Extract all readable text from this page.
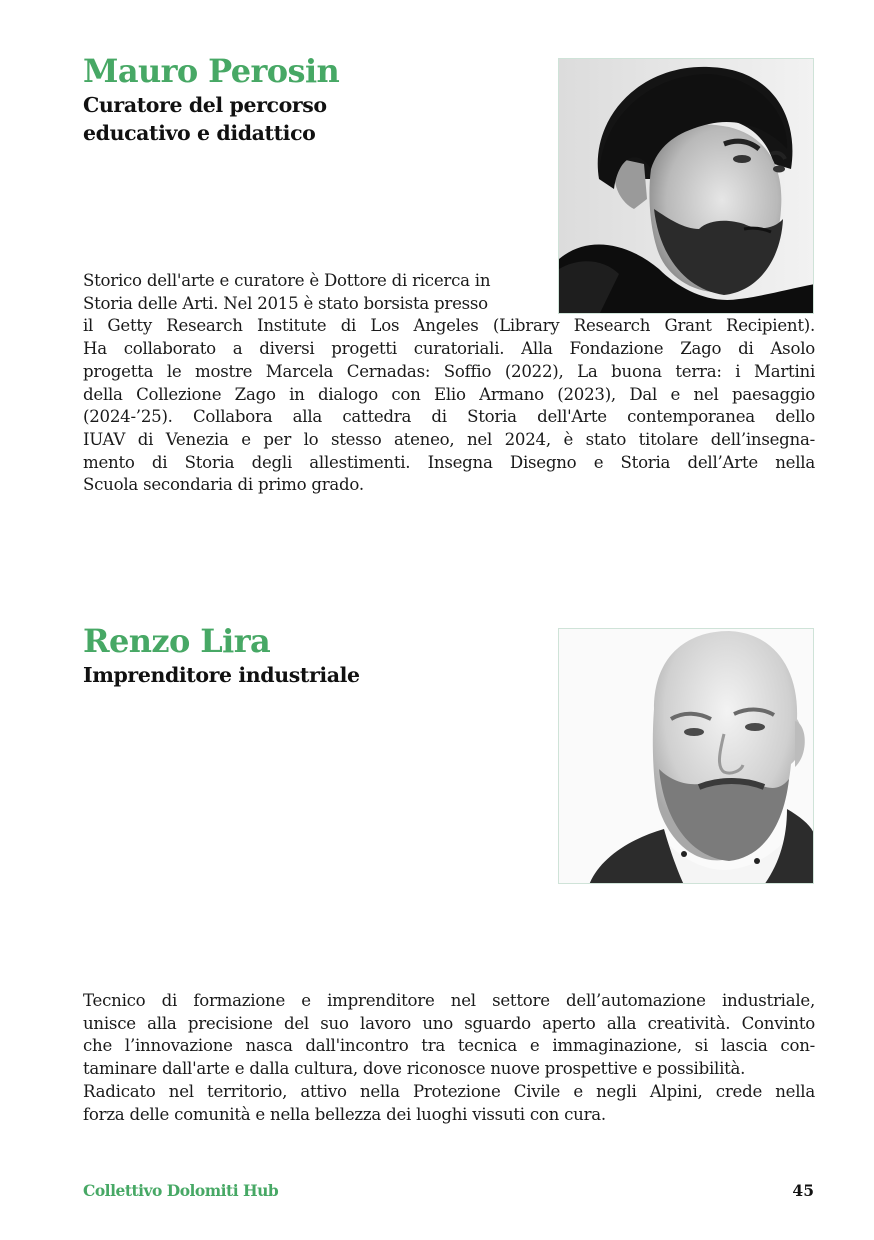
Mauro Perosin
Curatore del percorso
educativo e didattico
Storico dell'arte e curatore è Dottore di ricerca in
Storia delle Arti. Nel 2015 è stato borsista presso
il Getty Research Institute di Los Angeles (Library Research Grant Recipient).
Ha collaborato a diversi progetti curatoriali. Alla Fondazione Zago di Asolo
progetta le mostre Marcela Cernadas: Soffio (2022), La buona terra: i Martini
della Collezione Zago in dialogo con Elio Armano (2023), Dal e nel paesaggio
(2024-’25). Collabora alla cattedra di Storia dell'Arte contemporanea dello
IUAV di Venezia e per lo stesso ateneo, nel 2024, è stato titolare dell’insegna-
mento di Storia degli allestimenti. Insegna Disegno e Storia dell’Arte nella
Scuola secondaria di primo grado.
Renzo Lira
Imprenditore industriale
Tecnico di formazione e imprenditore nel settore dell’automazione industriale,
unisce alla precisione del suo lavoro uno sguardo aperto alla creatività. Convinto
che l’innovazione nasca dall'incontro tra tecnica e immaginazione, si lascia con-
taminare dall'arte e dalla cultura, dove riconosce nuove prospettive e possibilità.
Radicato nel territorio, attivo nella Protezione Civile e negli Alpini, crede nella
forza delle comunità e nella bellezza dei luoghi vissuti con cura.
Collettivo Dolomiti Hub	45
